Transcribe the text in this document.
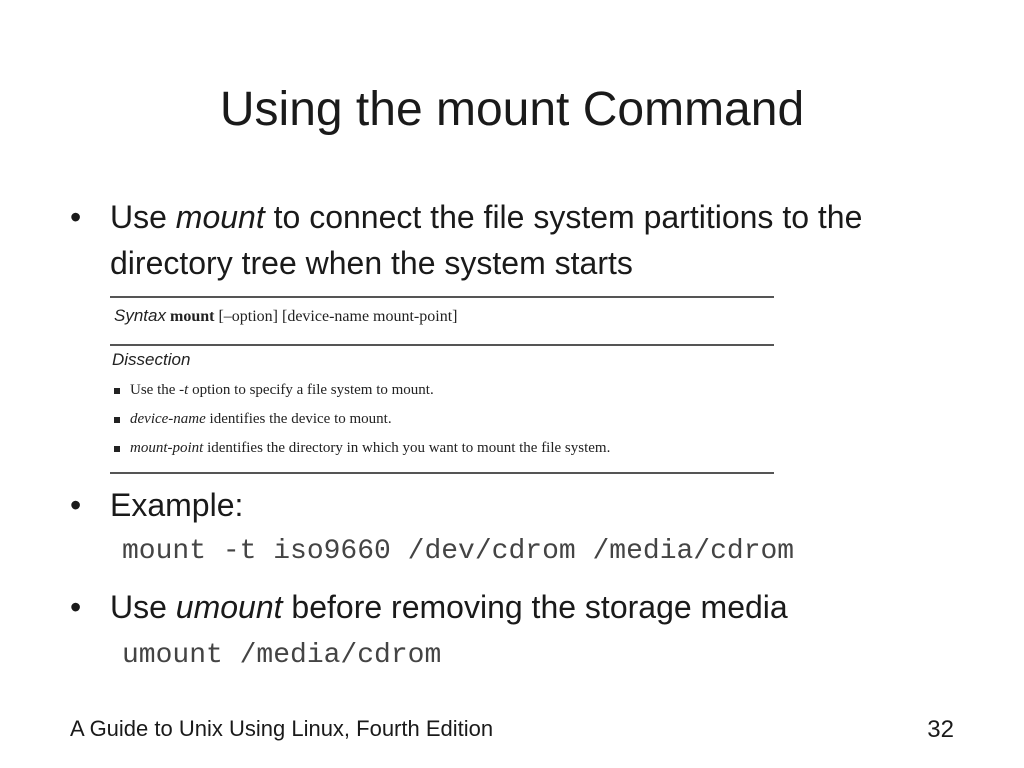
Using the mount Command
• Use mount to connect the file system partitions to the directory tree when the system starts
Syntax mount [–option] [device-name mount-point]
Dissection
Use the -t option to specify a file system to mount.
device-name identifies the device to mount.
mount-point identifies the directory in which you want to mount the file system.
• Example:
mount -t iso9660 /dev/cdrom /media/cdrom
• Use umount before removing the storage media
umount /media/cdrom
A Guide to Unix Using Linux, Fourth Edition	32
